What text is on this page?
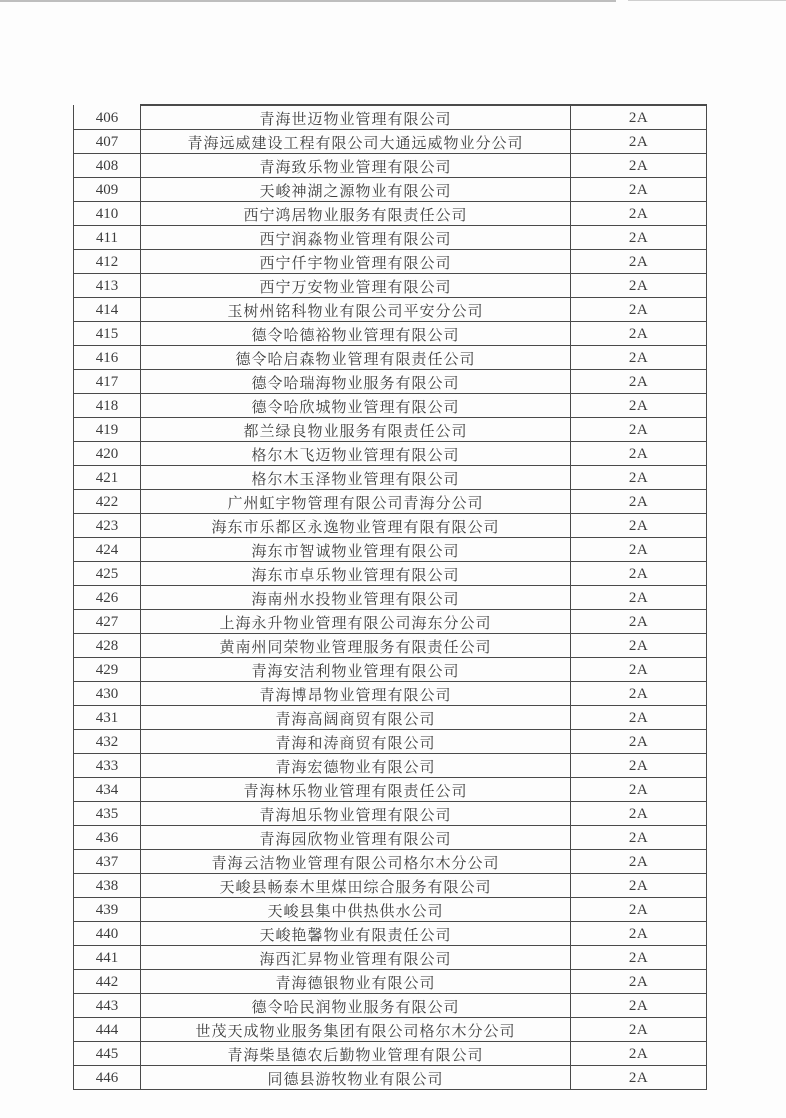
406	青海世迈物业管理有限公司	2A
407	青海远威建设工程有限公司大通远威物业分公司	2A
408	青海致乐物业管理有限公司	2A
409	天峻神湖之源物业有限公司	2A
410	西宁鸿居物业服务有限责任公司	2A
411	西宁润淼物业管理有限公司	2A
412	西宁仟宇物业管理有限公司	2A
413	西宁万安物业管理有限公司	2A
414	玉树州铭科物业有限公司平安分公司	2A
415	德令哈德裕物业管理有限公司	2A
416	德令哈启森物业管理有限责任公司	2A
417	德令哈瑞海物业服务有限公司	2A
418	德令哈欣城物业管理有限公司	2A
419	都兰绿良物业服务有限责任公司	2A
420	格尔木飞迈物业管理有限公司	2A
421	格尔木玉泽物业管理有限公司	2A
422	广州虹宇物管理有限公司青海分公司	2A
423	海东市乐都区永逸物业管理有限有限公司	2A
424	海东市智诚物业管理有限公司	2A
425	海东市卓乐物业管理有限公司	2A
426	海南州水投物业管理有限公司	2A
427	上海永升物业管理有限公司海东分公司	2A
428	黄南州同荣物业管理服务有限责任公司	2A
429	青海安洁利物业管理有限公司	2A
430	青海博昂物业管理有限公司	2A
431	青海高阔商贸有限公司	2A
432	青海和涛商贸有限公司	2A
433	青海宏德物业有限公司	2A
434	青海林乐物业管理有限责任公司	2A
435	青海旭乐物业管理有限公司	2A
436	青海园欣物业管理有限公司	2A
437	青海云洁物业管理有限公司格尔木分公司	2A
438	天峻县畅泰木里煤田综合服务有限公司	2A
439	天峻县集中供热供水公司	2A
440	天峻艳馨物业有限责任公司	2A
441	海西汇昇物业管理有限公司	2A
442	青海德银物业有限公司	2A
443	德令哈民润物业服务有限公司	2A
444	世茂天成物业服务集团有限公司格尔木分公司	2A
445	青海柴垦德农后勤物业管理有限公司	2A
446	同德县游牧物业有限公司	2A
